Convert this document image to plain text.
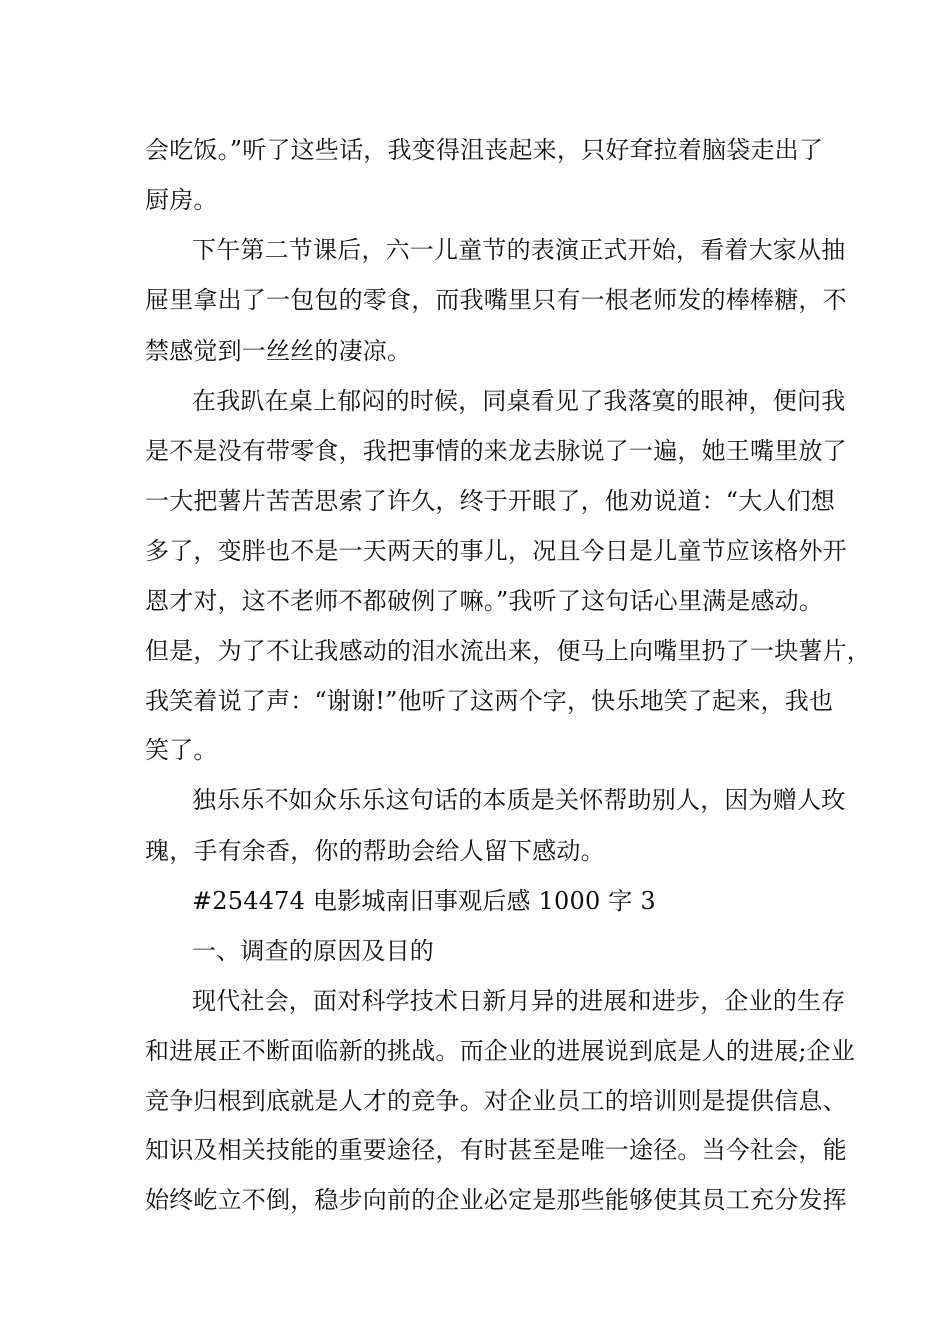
会吃饭。”听了这些话，我变得沮丧起来，只好耷拉着脑袋走出了

厨房。

下午第二节课后，六一儿童节的表演正式开始，看着大家从抽

屉里拿出了一包包的零食，而我嘴里只有一根老师发的棒棒糖，不

禁感觉到一丝丝的凄凉。

在我趴在桌上郁闷的时候，同桌看见了我落寞的眼神，便问我

是不是没有带零食，我把事情的来龙去脉说了一遍，她王嘴里放了

一大把薯片苦苦思索了许久，终于开眼了，他劝说道：“大人们想

多了，变胖也不是一天两天的事儿，况且今日是儿童节应该格外开

恩才对，这不老师不都破例了嘛。”我听了这句话心里满是感动。

但是，为了不让我感动的泪水流出来，便马上向嘴里扔了一块薯片，

我笑着说了声：“谢谢!”他听了这两个字，快乐地笑了起来，我也

笑了。

独乐乐不如众乐乐这句话的本质是关怀帮助别人，因为赠人玫

瑰，手有余香，你的帮助会给人留下感动。

#254474 电影城南旧事观后感 1000 字 3

一、调查的原因及目的

现代社会，面对科学技术日新月异的进展和进步，企业的生存

和进展正不断面临新的挑战。而企业的进展说到底是人的进展;企业

竞争归根到底就是人才的竞争。对企业员工的培训则是提供信息、

知识及相关技能的重要途径，有时甚至是唯一途径。当今社会，能

始终屹立不倒，稳步向前的企业必定是那些能够使其员工充分发挥
